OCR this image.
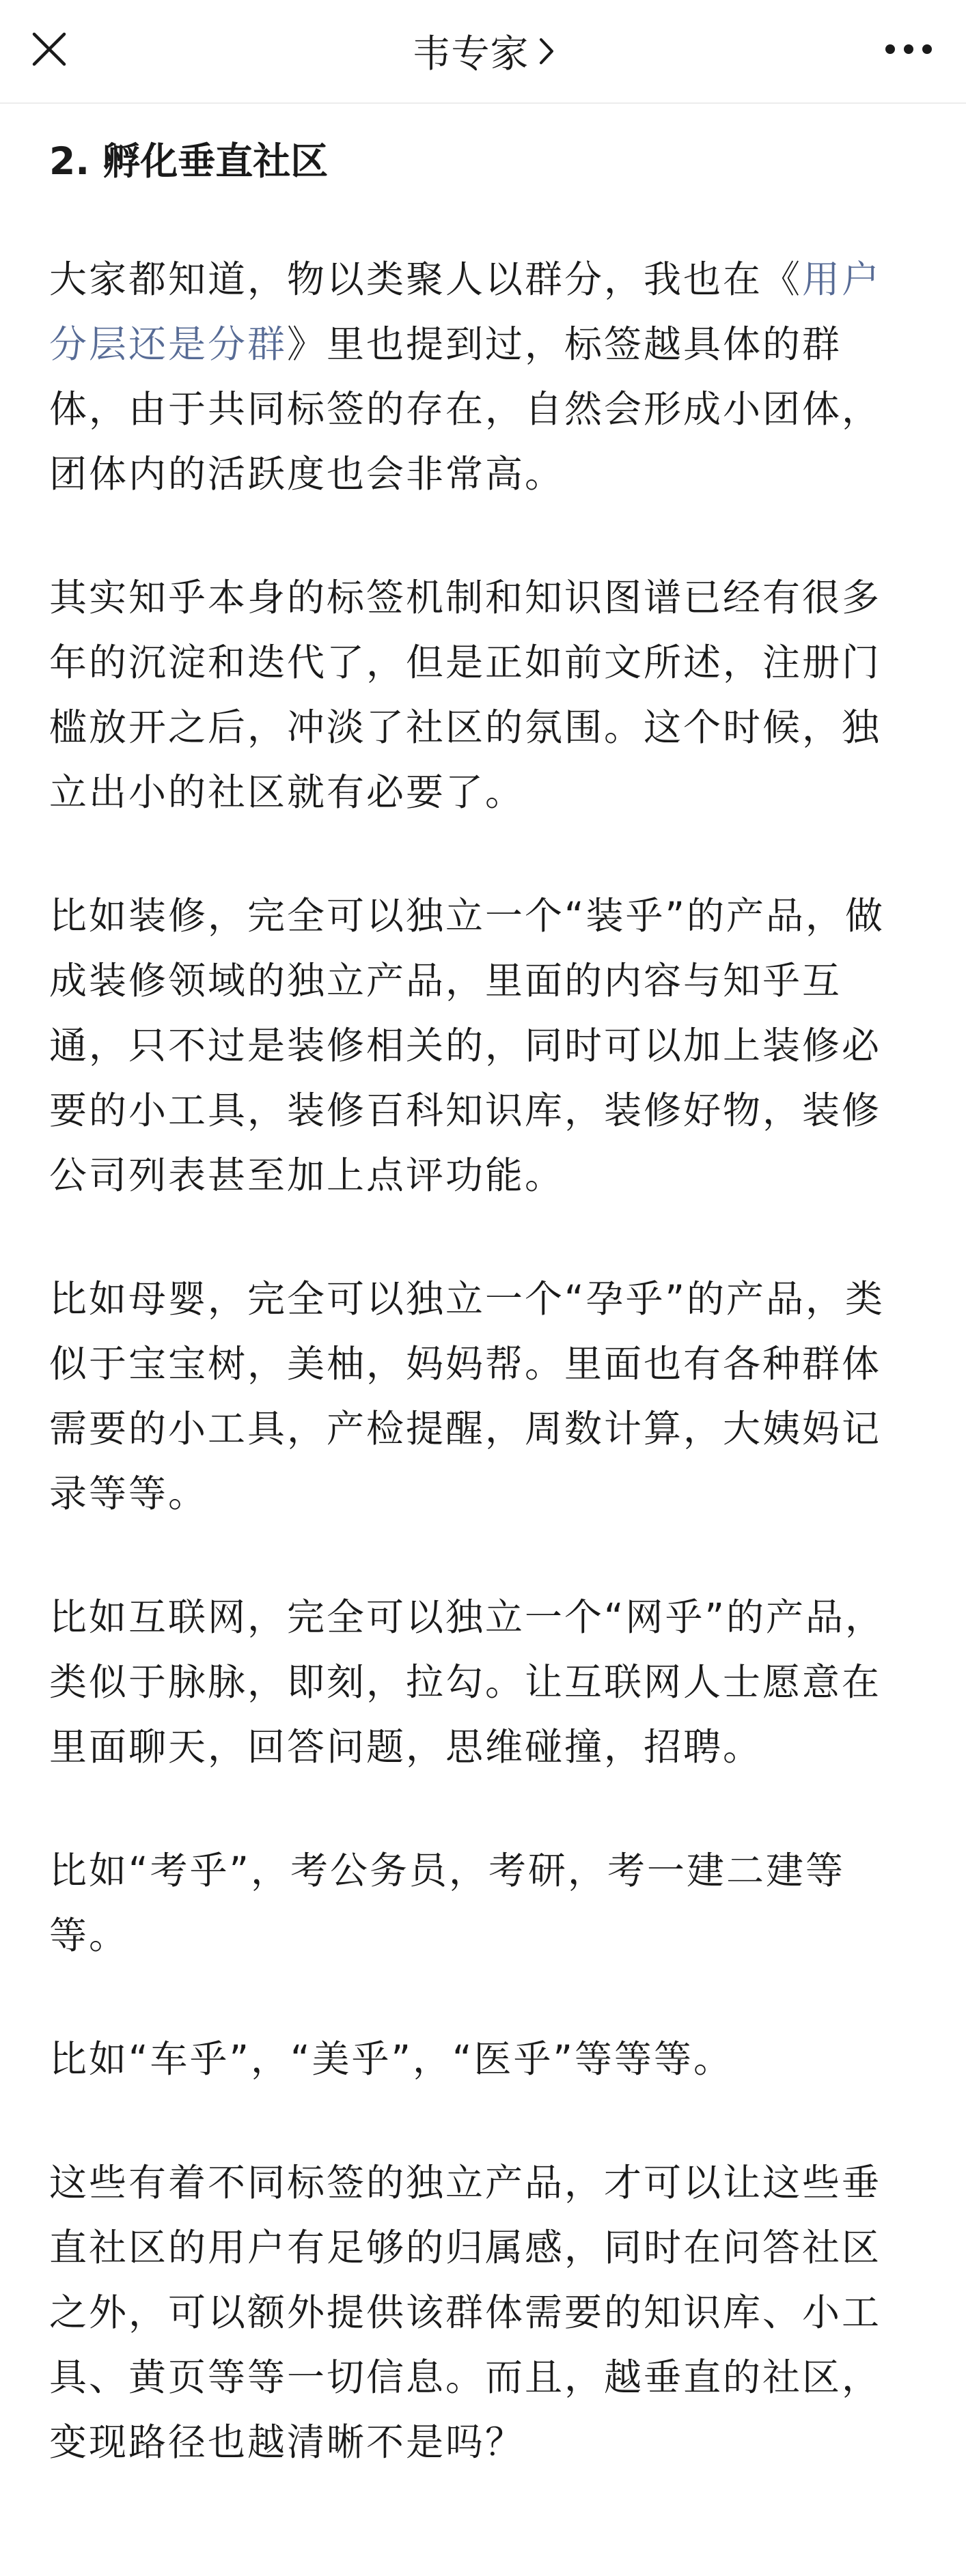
韦专家
2. 孵化垂直社区

大家都知道，物以类聚人以群分，我也在《用户分层还是分群》里也提到过，标签越具体的群体，由于共同标签的存在，自然会形成小团体，团体内的活跃度也会非常高。

其实知乎本身的标签机制和知识图谱已经有很多年的沉淀和迭代了，但是正如前文所述，注册门槛放开之后，冲淡了社区的氛围。这个时候，独立出小的社区就有必要了。

比如装修，完全可以独立一个“装乎”的产品，做成装修领域的独立产品，里面的内容与知乎互通，只不过是装修相关的，同时可以加上装修必要的小工具，装修百科知识库，装修好物，装修公司列表甚至加上点评功能。

比如母婴，完全可以独立一个“孕乎”的产品，类似于宝宝树，美柚，妈妈帮。里面也有各种群体需要的小工具，产检提醒，周数计算，大姨妈记录等等。

比如互联网，完全可以独立一个“网乎”的产品，类似于脉脉，即刻，拉勾。让互联网人士愿意在里面聊天，回答问题，思维碰撞，招聘。

比如“考乎”，考公务员，考研，考一建二建等等。

比如“车乎”，“美乎”，“医乎”等等等。

这些有着不同标签的独立产品，才可以让这些垂直社区的用户有足够的归属感，同时在问答社区之外，可以额外提供该群体需要的知识库、小工具、黄页等等一切信息。而且，越垂直的社区，变现路径也越清晰不是吗？
